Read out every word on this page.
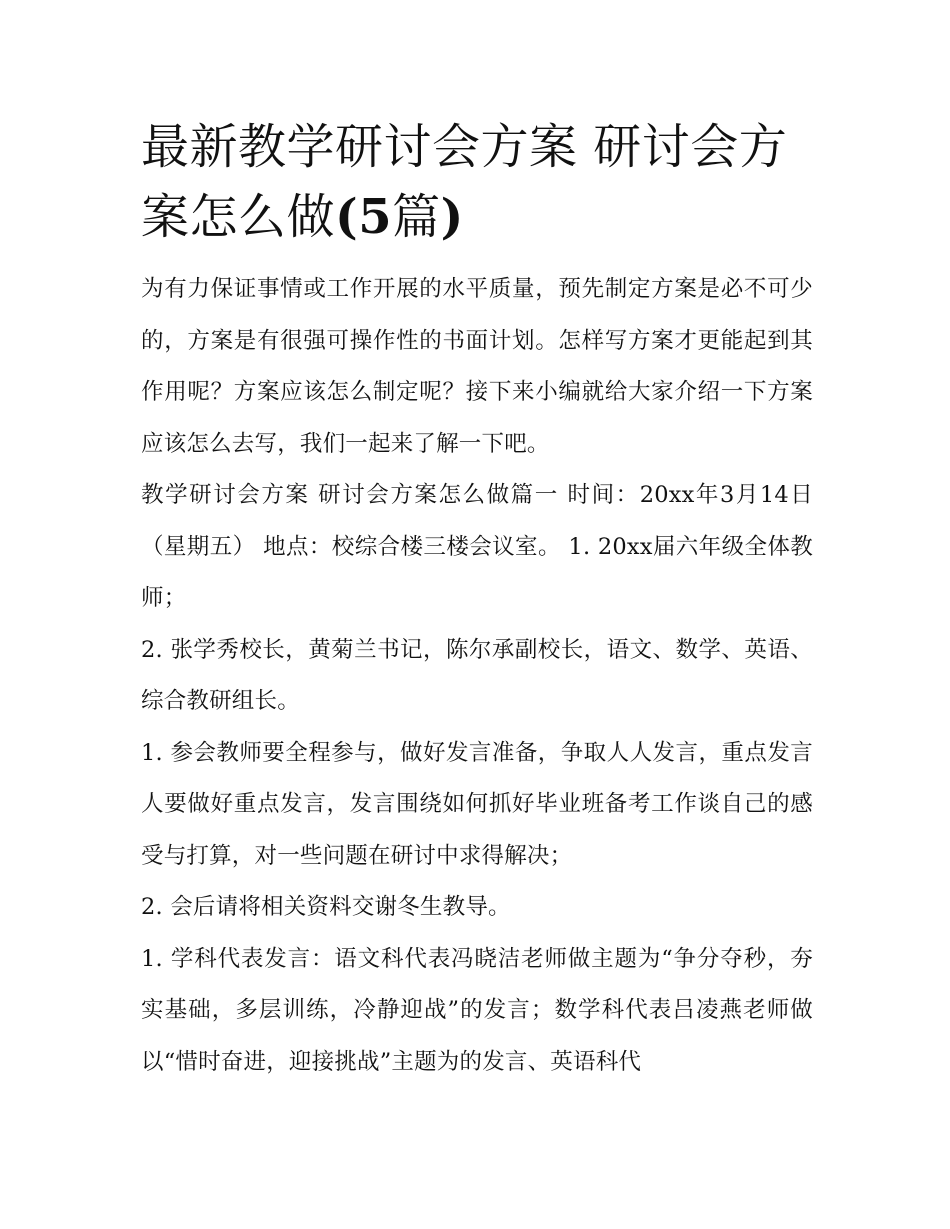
最新教学研讨会方案 研讨会方案怎么做(5篇)

为有力保证事情或工作开展的水平质量，预先制定方案是必不可少的，方案是有很强可操作性的书面计划。怎样写方案才更能起到其作用呢？方案应该怎么制定呢？接下来小编就给大家介绍一下方案应该怎么去写，我们一起来了解一下吧。

教学研讨会方案 研讨会方案怎么做篇一 时间：20xx年3月14日（星期五） 地点：校综合楼三楼会议室。 1. 20xx届六年级全体教师；

2. 张学秀校长，黄菊兰书记，陈尔承副校长，语文、数学、英语、综合教研组长。

1. 参会教师要全程参与，做好发言准备，争取人人发言，重点发言人要做好重点发言，发言围绕如何抓好毕业班备考工作谈自己的感受与打算，对一些问题在研讨中求得解决；

2. 会后请将相关资料交谢冬生教导。

1. 学科代表发言：语文科代表冯晓洁老师做主题为“争分夺秒，夯实基础，多层训练，冷静迎战”的发言；数学科代表吕凌燕老师做以“惜时奋进，迎接挑战”主题为的发言、英语科代
